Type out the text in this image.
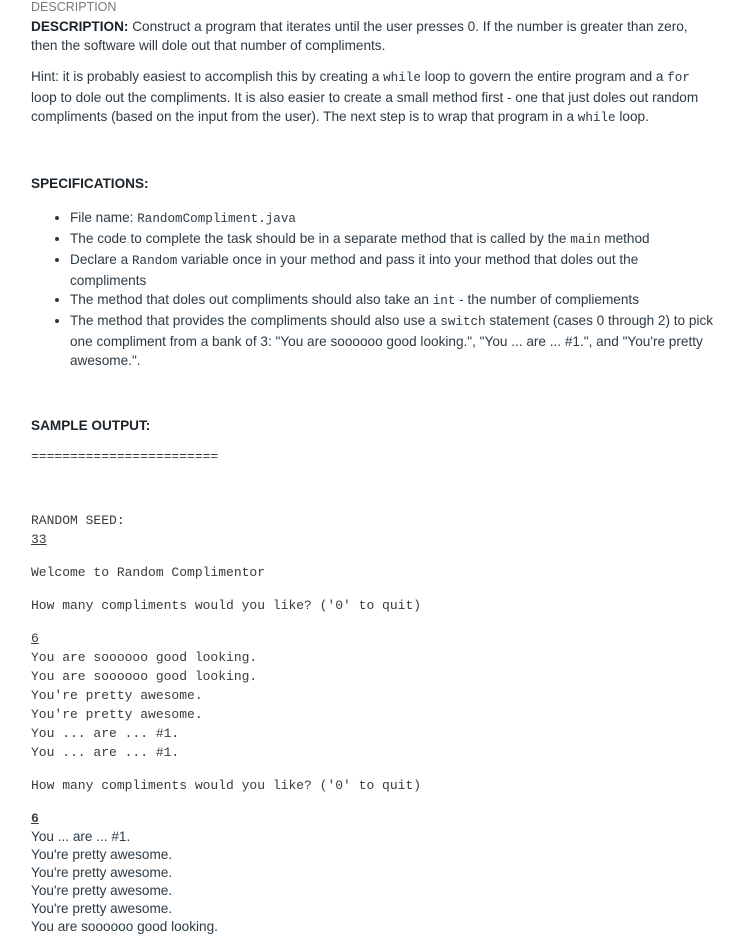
DESCRIPTION

DESCRIPTION: Construct a program that iterates until the user presses 0. If the number is greater than zero, then the software will dole out that number of compliments.

Hint: it is probably easiest to accomplish this by creating a while loop to govern the entire program and a for loop to dole out the compliments. It is also easier to create a small method first - one that just doles out random compliments (based on the input from the user). The next step is to wrap that program in a while loop.

SPECIFICATIONS:
• File name: RandomCompliment.java
• The code to complete the task should be in a separate method that is called by the main method
• Declare a Random variable once in your method and pass it into your method that doles out the compliments
• The method that doles out compliments should also take an int - the number of compliements
• The method that provides the compliments should also use a switch statement (cases 0 through 2) to pick one compliment from a bank of 3: "You are soooooo good looking.", "You ... are ... #1.", and "You're pretty awesome.".
SAMPLE OUTPUT:
========================
RANDOM SEED:
33
Welcome to Random Complimentor
How many compliments would you like? ('0' to quit)
6
You are soooooo good looking.
You are soooooo good looking.
You're pretty awesome.
You're pretty awesome.
You ... are ... #1.
You ... are ... #1.
How many compliments would you like? ('0' to quit)
6
You ... are ... #1.
You're pretty awesome.
You're pretty awesome.
You're pretty awesome.
You're pretty awesome.
You are soooooo good looking.
